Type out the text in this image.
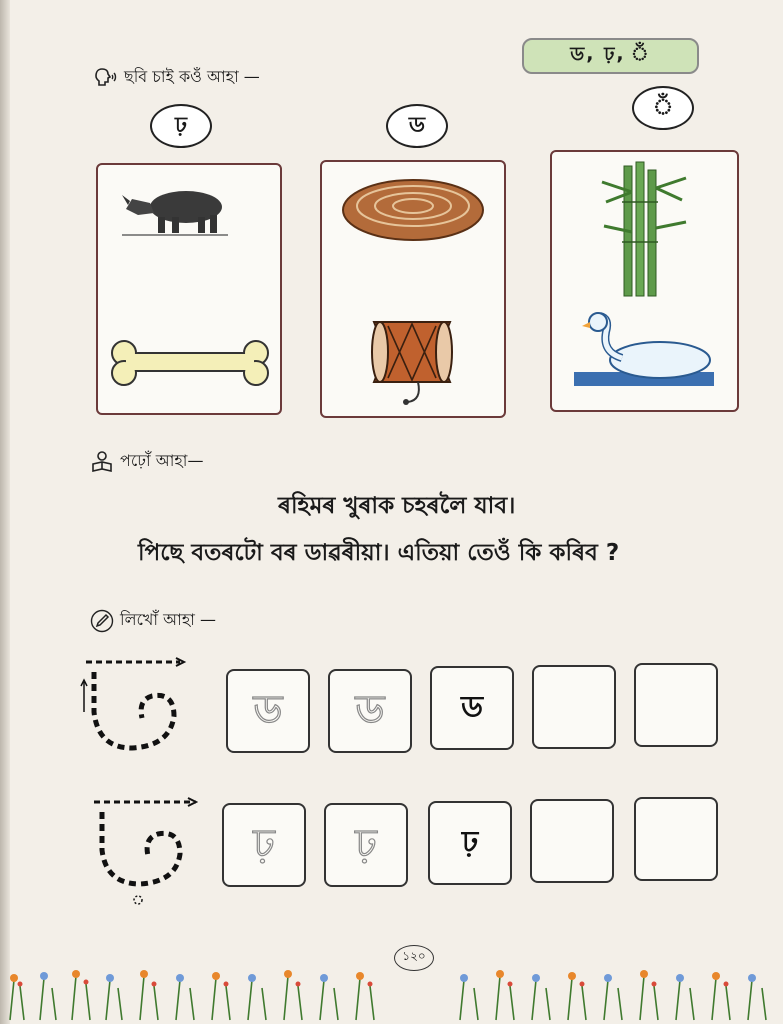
ড, ঢ়, ঁ
ছবি চাই কওঁ আহা —
ঢ়	ড
ঁ
পঢ়োঁ আহা—
ৰহিমৰ খুৰাক চহৰলৈ যাব।
পিছে বতৰটো বৰ ডাৱৰীয়া। এতিয়া তেওঁ কি কৰিব ?
লিখোঁ আহা —
ড ড	ড
ঢ় ঢ়	ঢ়
১২০
